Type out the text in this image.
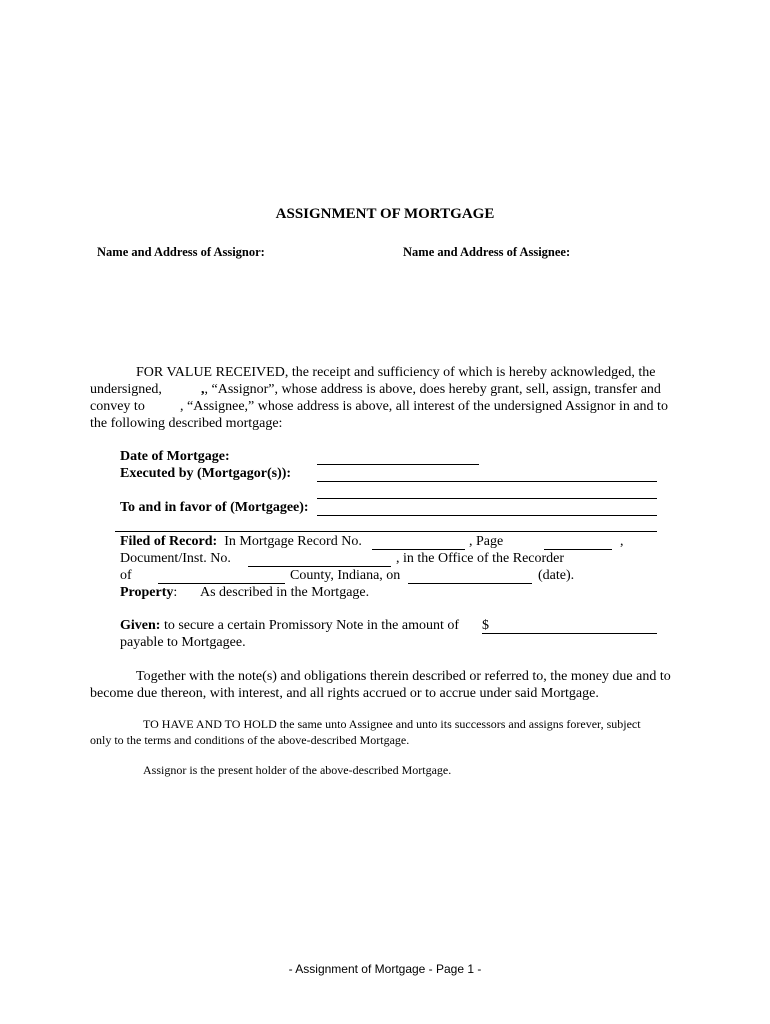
ASSIGNMENT OF MORTGAGE
Name and Address of Assignor:	Name and Address of Assignee:
FOR VALUE RECEIVED, the receipt and sufficiency of which is hereby acknowledged, the
undersigned,	,, “Assignor”, whose address is above, does hereby grant, sell, assign, transfer and
convey to	, “Assignee,” whose address is above, all interest of the undersigned Assignor in and to
the following described mortgage:
Date of Mortgage:
Executed by (Mortgagor(s)):
To and in favor of (Mortgagee):
Filed of Record: In Mortgage Record No.	, Page	,
Document/Inst. No.	, in the Office of the Recorder
of	County, Indiana, on	(date).
Property: As described in the Mortgage.
Given: to secure a certain Promissory Note in the amount of $
payable to Mortgagee.
Together with the note(s) and obligations therein described or referred to, the money due and to
become due thereon, with interest, and all rights accrued or to accrue under said Mortgage.
TO HAVE AND TO HOLD the same unto Assignee and unto its successors and assigns forever, subject
only to the terms and conditions of the above-described Mortgage.
Assignor is the present holder of the above-described Mortgage.
- Assignment of Mortgage - Page 1 -
